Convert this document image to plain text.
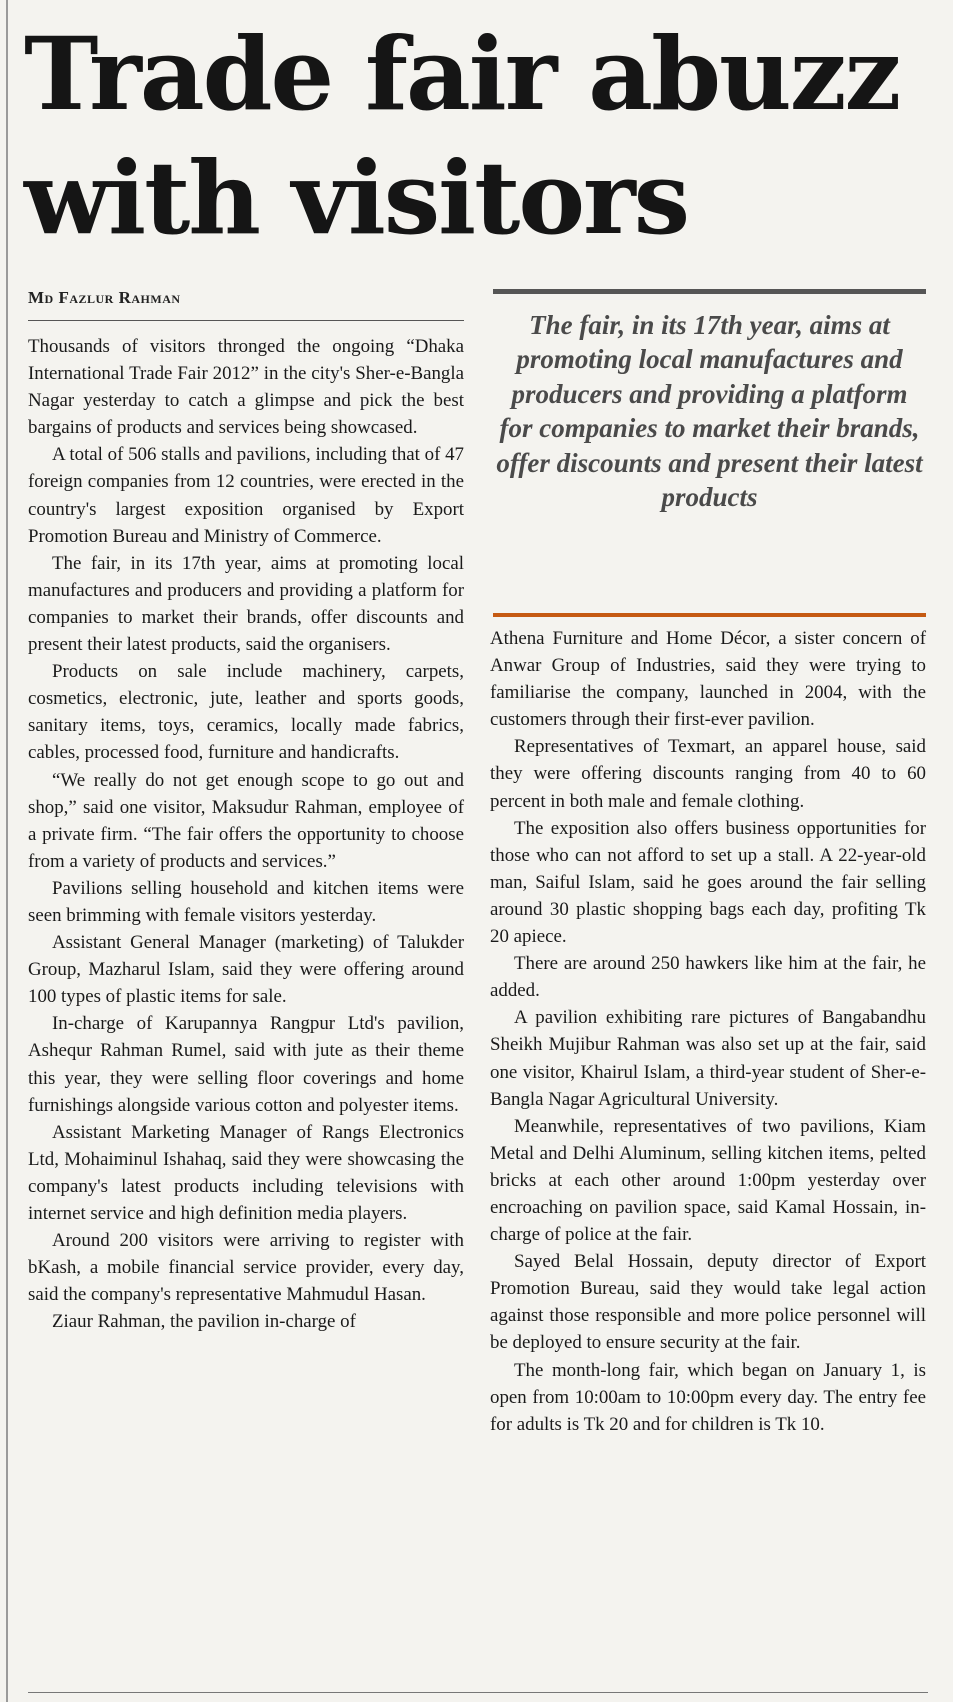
Trade fair abuzz
with visitors
Md Fazlur Rahman

Thousands of visitors thronged the ongoing “Dhaka International Trade Fair 2012” in the city's Sher-e-Bangla Nagar yesterday to catch a glimpse and pick the best bargains of products and services being showcased.

A total of 506 stalls and pavilions, including that of 47 foreign companies from 12 countries, were erected in the country's largest exposition organised by Export Promotion Bureau and Ministry of Commerce.

The fair, in its 17th year, aims at promoting local manufactures and producers and providing a platform for companies to market their brands, offer discounts and present their latest products, said the organisers.

Products on sale include machinery, carpets, cosmetics, electronic, jute, leather and sports goods, sanitary items, toys, ceramics, locally made fabrics, cables, processed food, furniture and handicrafts.

“We really do not get enough scope to go out and shop,” said one visitor, Maksudur Rahman, employee of a private firm. “The fair offers the opportunity to choose from a variety of products and services.”

Pavilions selling household and kitchen items were seen brimming with female visitors yesterday.

Assistant General Manager (marketing) of Talukder Group, Mazharul Islam, said they were offering around 100 types of plastic items for sale.

In-charge of Karupannya Rangpur Ltd's pavilion, Ashequr Rahman Rumel, said with jute as their theme this year, they were selling floor coverings and home furnishings alongside various cotton and polyester items.

Assistant Marketing Manager of Rangs Electronics Ltd, Mohaiminul Ishahaq, said they were showcasing the company's latest products including televisions with internet service and high definition media players.

Around 200 visitors were arriving to register with bKash, a mobile financial service provider, every day, said the company's representative Mahmudul Hasan.

Ziaur Rahman, the pavilion in-charge of

The fair, in its 17th year, aims at promoting local manufactures and producers and providing a platform for companies to market their brands, offer discounts and present their latest products

Athena Furniture and Home Décor, a sister concern of Anwar Group of Industries, said they were trying to familiarise the company, launched in 2004, with the customers through their first-ever pavilion.

Representatives of Texmart, an apparel house, said they were offering discounts ranging from 40 to 60 percent in both male and female clothing.

The exposition also offers business opportunities for those who can not afford to set up a stall. A 22-year-old man, Saiful Islam, said he goes around the fair selling around 30 plastic shopping bags each day, profiting Tk 20 apiece.

There are around 250 hawkers like him at the fair, he added.

A pavilion exhibiting rare pictures of Bangabandhu Sheikh Mujibur Rahman was also set up at the fair, said one visitor, Khairul Islam, a third-year student of Sher-e-Bangla Nagar Agricultural University.

Meanwhile, representatives of two pavilions, Kiam Metal and Delhi Aluminum, selling kitchen items, pelted bricks at each other around 1:00pm yesterday over encroaching on pavilion space, said Kamal Hossain, in-charge of police at the fair.

Sayed Belal Hossain, deputy director of Export Promotion Bureau, said they would take legal action against those responsible and more police personnel will be deployed to ensure security at the fair.

The month-long fair, which began on January 1, is open from 10:00am to 10:00pm every day. The entry fee for adults is Tk 20 and for children is Tk 10.
